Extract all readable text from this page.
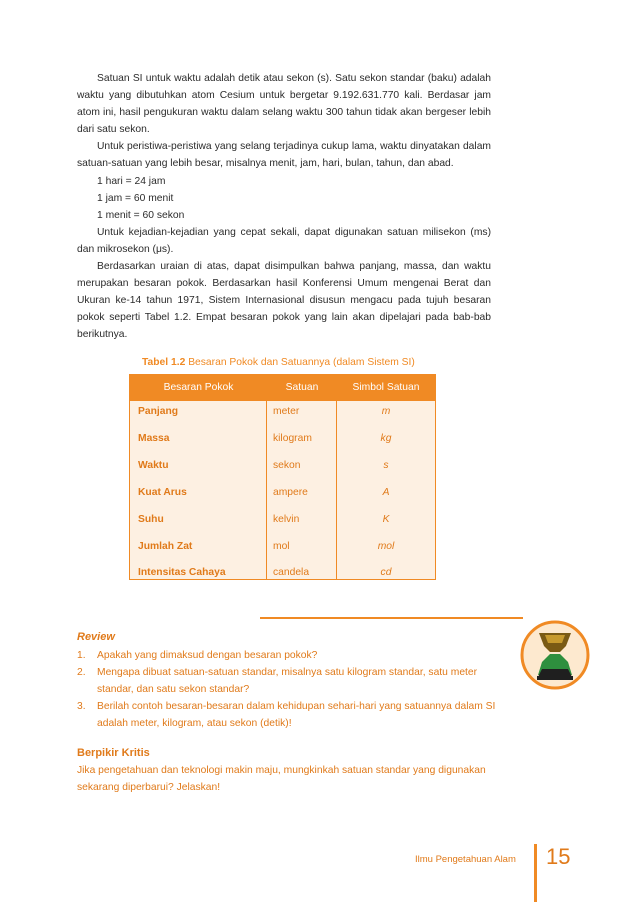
Satuan SI untuk waktu adalah detik atau sekon (s). Satu sekon standar (baku) adalah waktu yang dibutuhkan atom Cesium untuk bergetar 9.192.631.770 kali. Berdasar jam atom ini, hasil pengukuran waktu dalam selang waktu 300 tahun tidak akan bergeser lebih dari satu sekon.

Untuk peristiwa-peristiwa yang selang terjadinya cukup lama, waktu dinyatakan dalam satuan-satuan yang lebih besar, misalnya menit, jam, hari, bulan, tahun, dan abad.

1 hari = 24 jam

1 jam = 60 menit

1 menit = 60 sekon

Untuk kejadian-kejadian yang cepat sekali, dapat digunakan satuan milisekon (ms) dan mikrosekon (μs).

Berdasarkan uraian di atas, dapat disimpulkan bahwa panjang, massa, dan waktu merupakan besaran pokok. Berdasarkan hasil Konferensi Umum mengenai Berat dan Ukuran ke-14 tahun 1971, Sistem Internasional disusun mengacu pada tujuh besaran pokok seperti Tabel 1.2. Empat besaran pokok yang lain akan dipelajari pada bab-bab berikutnya.

Tabel 1.2 Besaran Pokok dan Satuannya (dalam Sistem SI)
Besaran Pokok	Satuan	Simbol Satuan
Panjang	meter	m
Massa	kilogram	kg
Waktu	sekon	s
Kuat Arus	ampere	A
Suhu	kelvin	K
Jumlah Zat	mol	mol
Intensitas Cahaya	candela	cd
Review
1. Apakah yang dimaksud dengan besaran pokok?
2. Mengapa dibuat satuan-satuan standar, misalnya satu kilogram standar, satu meter standar, dan satu sekon standar?
3. Berilah contoh besaran-besaran dalam kehidupan sehari-hari yang satuannya dalam SI adalah meter, kilogram, atau sekon (detik)!
Berpikir Kritis
Jika pengetahuan dan teknologi makin maju, mungkinkah satuan standar yang digunakan sekarang diperbarui? Jelaskan!
Ilmu Pengetahuan Alam 15
